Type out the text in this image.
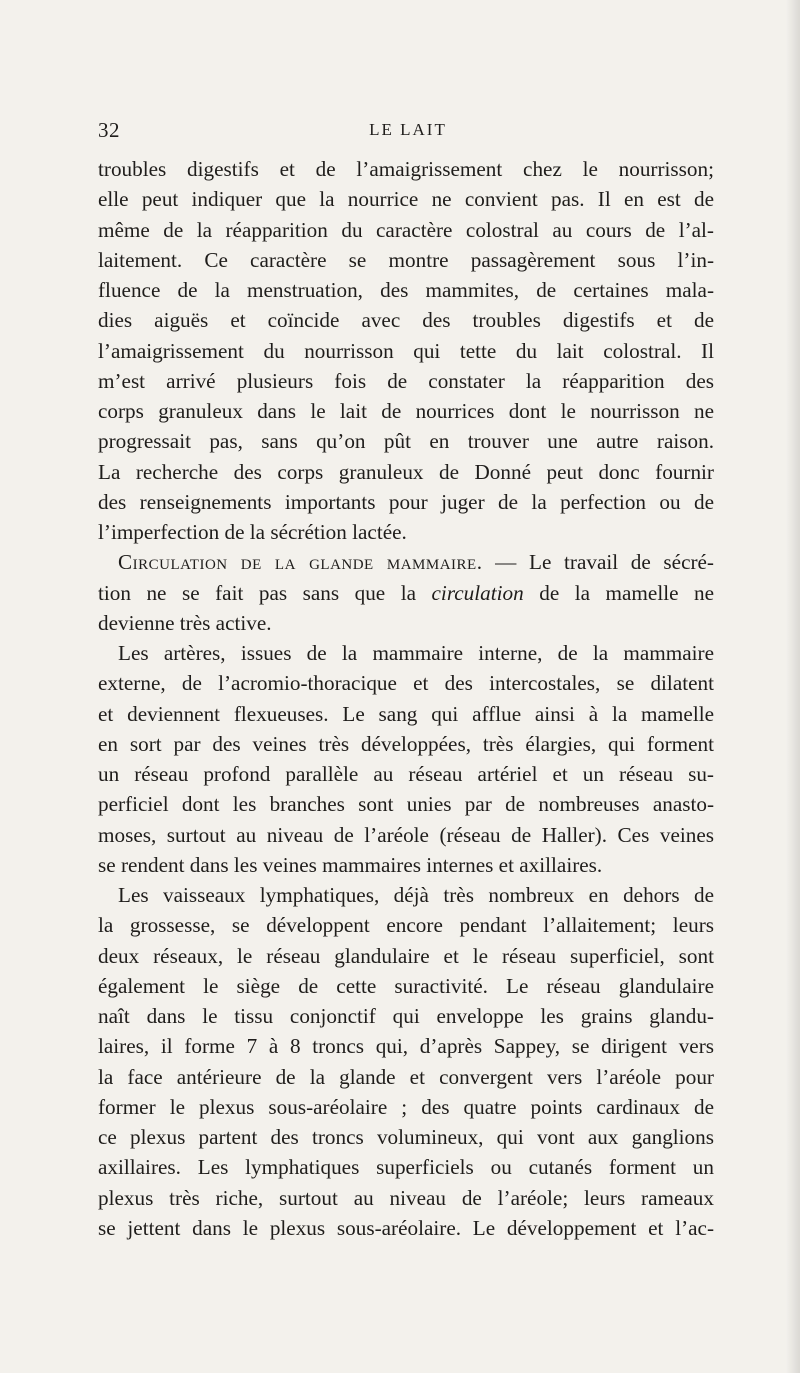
32	LE LAIT
troubles digestifs et de l’amaigrissement chez le nourrisson;
elle peut indiquer que la nourrice ne convient pas. Il en est de
même de la réapparition du caractère colostral au cours de l’al-
laitement. Ce caractère se montre passagèrement sous l’in-
fluence de la menstruation, des mammites, de certaines mala-
dies aiguës et coïncide avec des troubles digestifs et de
l’amaigrissement du nourrisson qui tette du lait colostral. Il
m’est arrivé plusieurs fois de constater la réapparition des
corps granuleux dans le lait de nourrices dont le nourrisson ne
progressait pas, sans qu’on pût en trouver une autre raison.
La recherche des corps granuleux de Donné peut donc fournir
des renseignements importants pour juger de la perfection ou de
l’imperfection de la sécrétion lactée.
Circulation de la glande mammaire. — Le travail de sécré-
tion ne se fait pas sans que la circulation de la mamelle ne
devienne très active.
Les artères, issues de la mammaire interne, de la mammaire
externe, de l’acromio-thoracique et des intercostales, se dilatent
et deviennent flexueuses. Le sang qui afflue ainsi à la mamelle
en sort par des veines très développées, très élargies, qui forment
un réseau profond parallèle au réseau artériel et un réseau su-
perficiel dont les branches sont unies par de nombreuses anasto-
moses, surtout au niveau de l’aréole (réseau de Haller). Ces veines
se rendent dans les veines mammaires internes et axillaires.
Les vaisseaux lymphatiques, déjà très nombreux en dehors de
la grossesse, se développent encore pendant l’allaitement; leurs
deux réseaux, le réseau glandulaire et le réseau superficiel, sont
également le siège de cette suractivité. Le réseau glandulaire
naît dans le tissu conjonctif qui enveloppe les grains glandu-
laires, il forme 7 à 8 troncs qui, d’après Sappey, se dirigent vers
la face antérieure de la glande et convergent vers l’aréole pour
former le plexus sous-aréolaire ; des quatre points cardinaux de
ce plexus partent des troncs volumineux, qui vont aux ganglions
axillaires. Les lymphatiques superficiels ou cutanés forment un
plexus très riche, surtout au niveau de l’aréole; leurs rameaux
se jettent dans le plexus sous-aréolaire. Le développement et l’ac-
